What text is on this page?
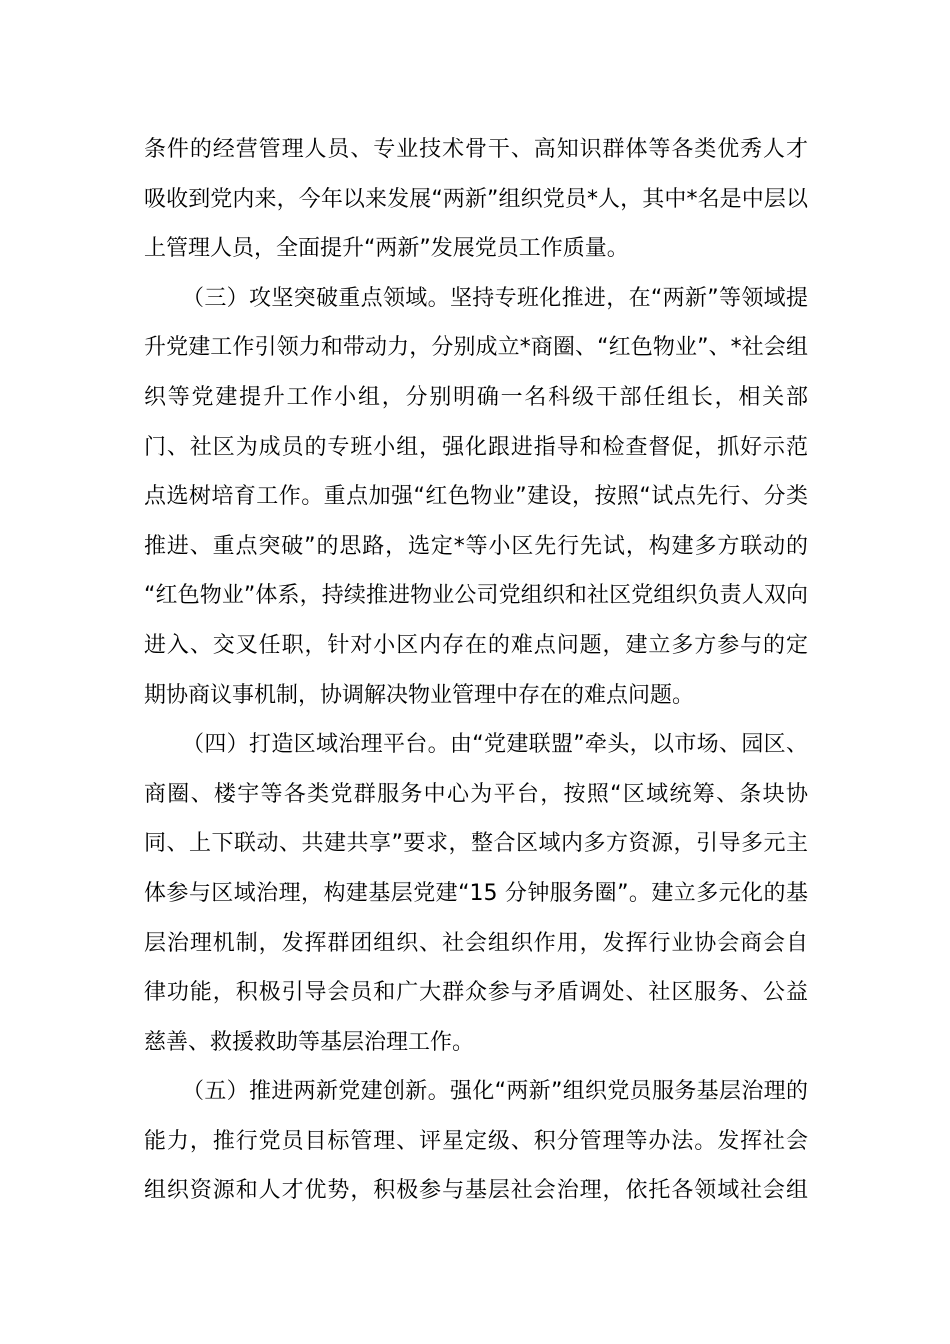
条件的经营管理人员、专业技术骨干、高知识群体等各类优秀人才
吸收到党内来，今年以来发展“两新”组织党员*人，其中*名是中层以
上管理人员，全面提升“两新”发展党员工作质量。
（三）攻坚突破重点领域。坚持专班化推进，在“两新”等领域提
升党建工作引领力和带动力，分别成立*商圈、“红色物业”、*社会组
织等党建提升工作小组，分别明确一名科级干部任组长，相关部
门、社区为成员的专班小组，强化跟进指导和检查督促，抓好示范
点选树培育工作。重点加强“红色物业”建设，按照“试点先行、分类
推进、重点突破”的思路，选定*等小区先行先试，构建多方联动的
“红色物业”体系，持续推进物业公司党组织和社区党组织负责人双向
进入、交叉任职，针对小区内存在的难点问题，建立多方参与的定
期协商议事机制，协调解决物业管理中存在的难点问题。
（四）打造区域治理平台。由“党建联盟”牵头，以市场、园区、
商圈、楼宇等各类党群服务中心为平台，按照“区域统筹、条块协
同、上下联动、共建共享”要求，整合区域内多方资源，引导多元主
体参与区域治理，构建基层党建“15 分钟服务圈”。建立多元化的基
层治理机制，发挥群团组织、社会组织作用，发挥行业协会商会自
律功能，积极引导会员和广大群众参与矛盾调处、社区服务、公益
慈善、救援救助等基层治理工作。
（五）推进两新党建创新。强化“两新”组织党员服务基层治理的
能力，推行党员目标管理、评星定级、积分管理等办法。发挥社会
组织资源和人才优势，积极参与基层社会治理，依托各领域社会组
